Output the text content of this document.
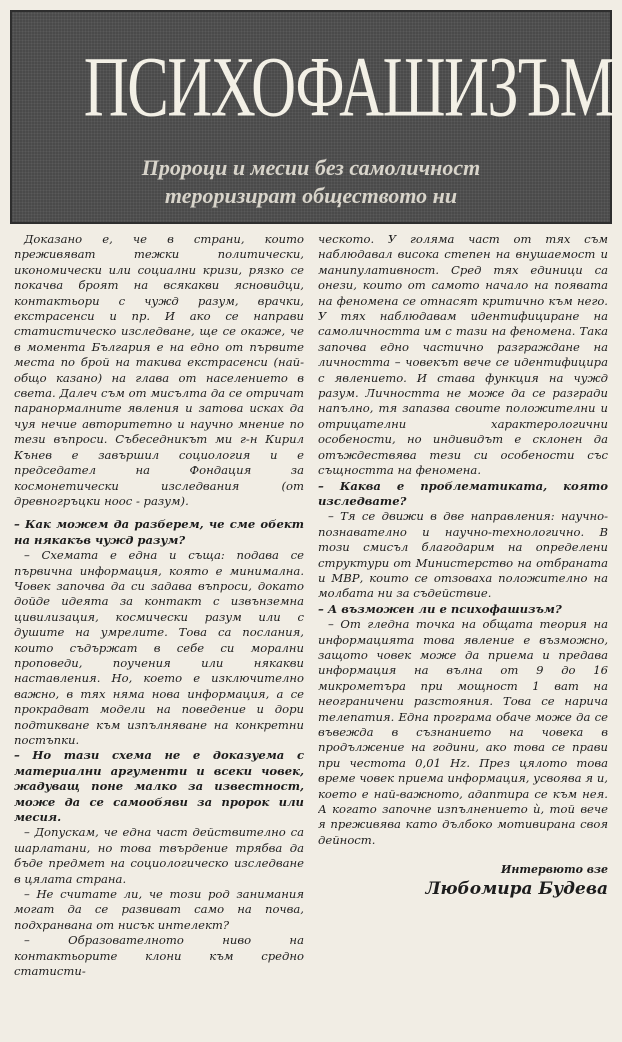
ПСИХОФАШИЗЪМ
Пророци и месии без самоличност
тероризират обществото ни

Доказано е, че в страни, които преживяват тежки политически, икономически или социални кризи, рязко се покачва броят на всякакви ясновидци, контактьори с чужд разум, врачки, екстрасенси и пр. И ако се направи статистическо изследване, ще се окаже, че в момента България е на едно от първите места по брой на такива екстрасенси (най-общо казано) на глава от населението в света. Далеч съм от мисълта да се отричат паранормалните явления и затова исках да чуя нечие авторитетно и научно мнение по тези въпроси. Събеседникът ми г-н Кирил Кънев е завършил социология и е председател на Фондация за космонетически изследвания (от древногръцки ноос - разум).

– Как можем да разберем, че сме обект на някакъв чужд разум?

– Схемата е една и съща: подава се първична информация, която е минимална. Човек започва да си задава въпроси, докато дойде идеята за контакт с извънземна цивилизация, космически разум или с душите на умрелите. Това са послания, които съдържат в себе си морални проповеди, поучения или някакви наставления. Но, което е изключително важно, в тях няма нова информация, а се прокрадват модели на поведение и дори подтикване към изпълняване на конкретни постъпки.

– Но тази схема не е доказуема с материални аргументи и всеки човек, жадуващ поне малко за известност, може да се самообяви за пророк или месия.

– Допускам, че една част действително са шарлатани, но това твърдение трябва да бъде предмет на социологическо изследване в цялата страна.

– Не считате ли, че този род занимания могат да се развиват само на почва, подхранвана от нисък интелект?

– Образователното ниво на контактьорите клони към средно статисти-

ческото. У голяма част от тях съм наблюдавал висока степен на внушаемост и манипулативност. Сред тях единици са онези, които от самото начало на появата на феномена се отнасят критично към него. У тях наблюдавам идентифициране на самоличността им с тази на феномена. Така започва едно частично разграждане на личността – човекът вече се идентифицира с явлението. И става функция на чужд разум. Личността не може да се разгради напълно, тя запазва своите положителни и отрицателни характерологични особености, но индивидът е склонен да отъждествява тези си особености със същността на феномена.

– Каква е проблематиката, която изследвате?

– Тя се движи в две направления: научно-познавателно и научно-технологично. В този смисъл благодарим на определени структури от Министерство на отбраната и МВР, които се отзоваха положително на молбата ни за съдействие.

– А възможен ли е психофашизъм?

– От гледна точка на общата теория на информацията това явление е възможно, защото човек може да приема и предава информация на вълна от 9 до 16 микрометъра при мощност 1 ват на неограничени разстояния. Това се нарича телепатия. Една програма обаче може да се въвежда в съзнанието на човека в продължение на години, ако това се прави при честота 0,01 Hz. През цялото това време човек приема информация, усвоява я и, което е най-важното, адаптира се към нея. А когато започне изпълнението ѝ, той вече я преживява като дълбоко мотивирана своя дейност.

Интервюто взе
Любомира Будева
